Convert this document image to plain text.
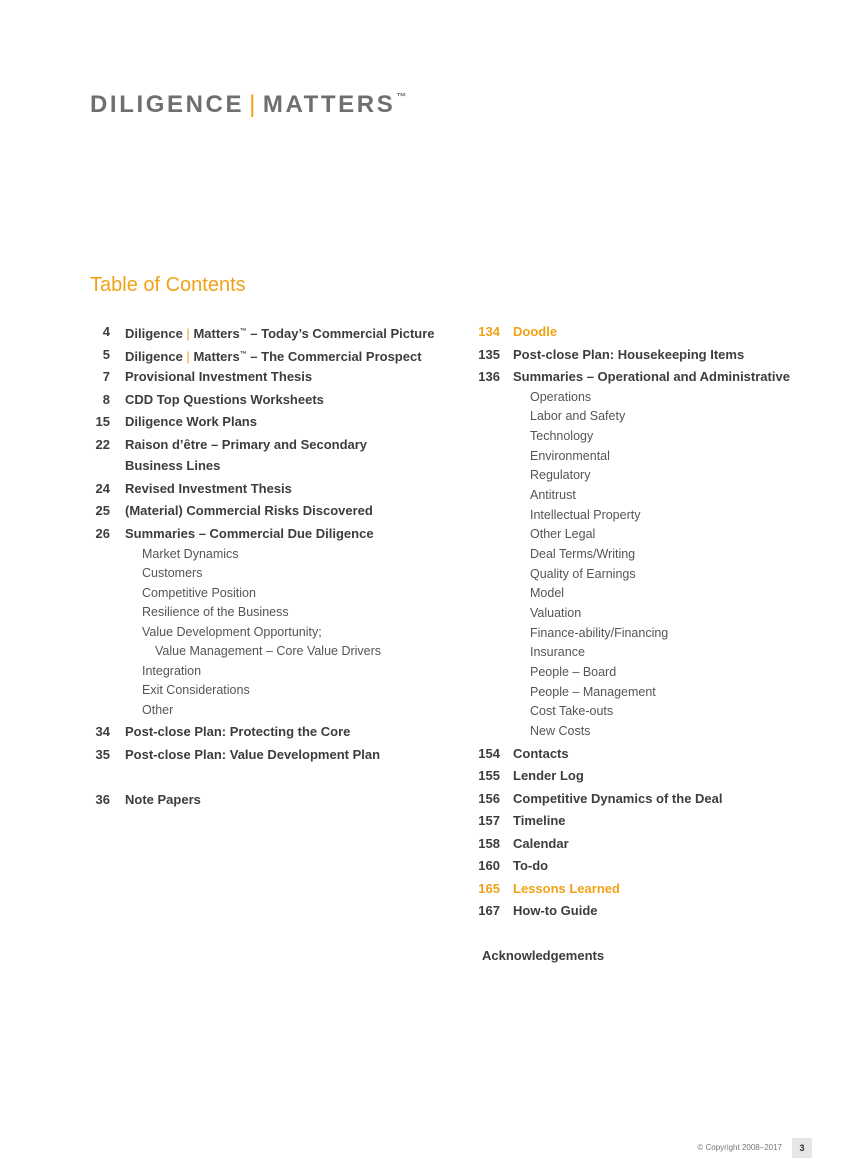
DILIGENCE | MATTERS™
Table of Contents
4 Diligence | Matters™ – Today’s Commercial Picture
5 Diligence | Matters™ – The Commercial Prospect
7 Provisional Investment Thesis
8 CDD Top Questions Worksheets
15 Diligence Work Plans
22 Raison d’être – Primary and Secondary
Business Lines
24 Revised Investment Thesis
25 (Material) Commercial Risks Discovered
26 Summaries – Commercial Due Diligence
Market Dynamics
Customers
Competitive Position
Resilience of the Business
Value Development Opportunity;
Value Management – Core Value Drivers
Integration
Exit Considerations
Other
34 Post-close Plan: Protecting the Core
35 Post-close Plan: Value Development Plan
36 Note Papers
134 Doodle
135 Post-close Plan: Housekeeping Items
136 Summaries – Operational and Administrative
Operations
Labor and Safety
Technology
Environmental
Regulatory
Antitrust
Intellectual Property
Other Legal
Deal Terms/Writing
Quality of Earnings
Model
Valuation
Finance-ability/Financing
Insurance
People – Board
People – Management
Cost Take-outs
New Costs
154 Contacts
155 Lender Log
156 Competitive Dynamics of the Deal
157 Timeline
158 Calendar
160 To-do
165 Lessons Learned
167 How-to Guide
Acknowledgements
© Copyright 2008–2017	3
